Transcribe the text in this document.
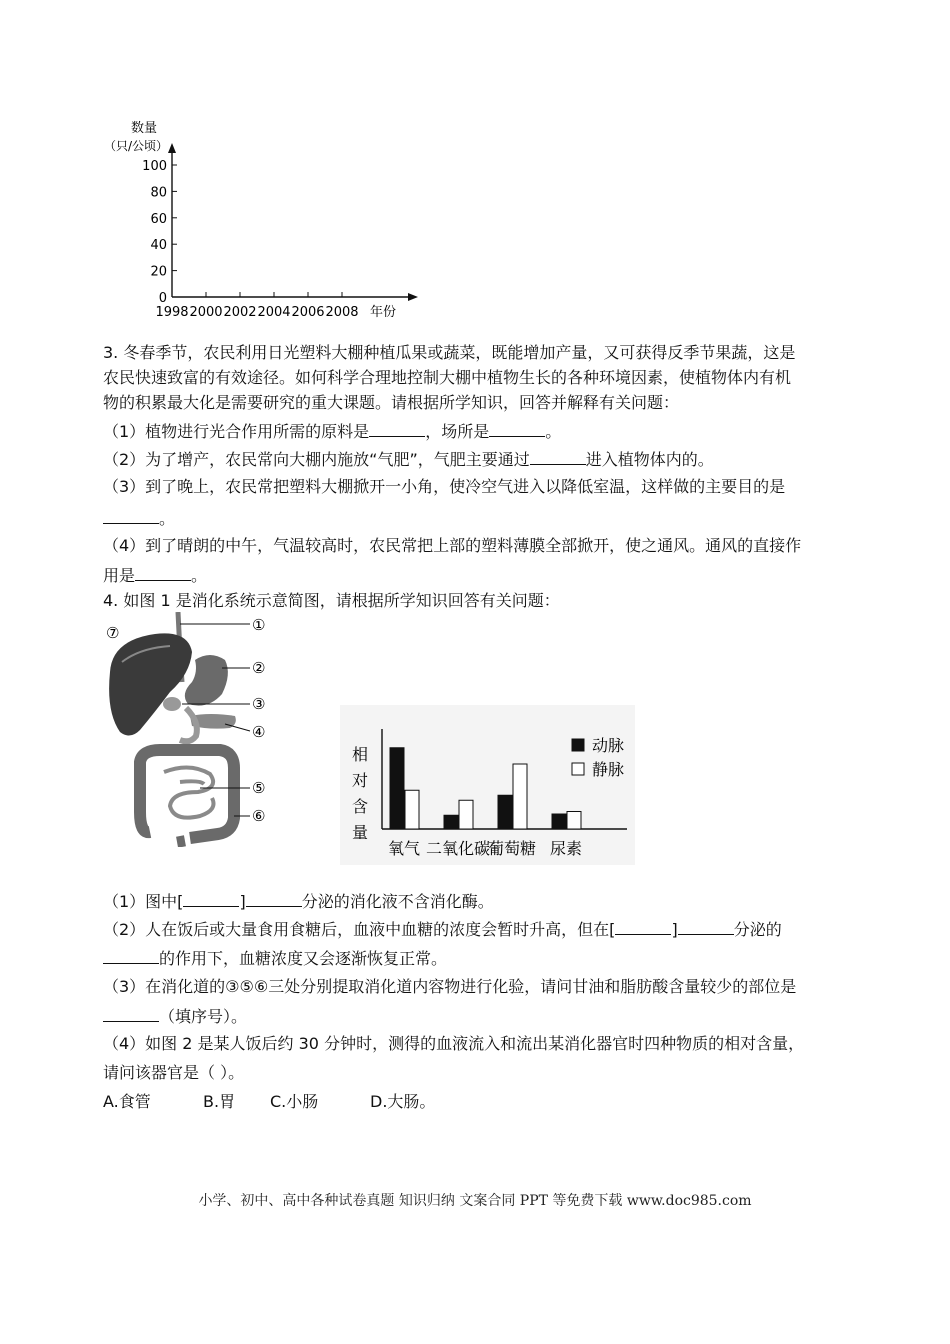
数量
（只/公顷）
0
20
40
60
80
100
1998 2000 2002 2004 2006 2008 年份
3. 冬春季节，农民利用日光塑料大棚种植瓜果或蔬菜，既能增加产量，又可获得反季节果蔬，这是
农民快速致富的有效途径。如何科学合理地控制大棚中植物生长的各种环境因素，使植物体内有机
物的积累最大化是需要研究的重大课题。请根据所学知识，回答并解释有关问题：
（1）植物进行光合作用所需的原料是	，场所是	。
（2）为了增产，农民常向大棚内施放“气肥”，气肥主要通过	进入植物体内的。
（3）到了晚上，农民常把塑料大棚掀开一小角，使冷空气进入以降低室温，这样做的主要目的是
。
（4）到了晴朗的中午，气温较高时，农民常把上部的塑料薄膜全部掀开，使之通风。通风的直接作
用是	。
4. 如图 1 是消化系统示意简图，请根据所学知识回答有关问题：
①
②
③
④
⑤
⑥
⑦
相
对
含
量
氧气 二氧化碳
葡萄糖 尿素
动脉
静脉
（1）图中[	]	分泌的消化液不含消化酶。
（2）人在饭后或大量食用食糖后，血液中血糖的浓度会暂时升高，但在[	]	分泌的
的作用下，血糖浓度又会逐渐恢复正常。
（3）在消化道的③⑤⑥三处分别提取消化道内容物进行化验，请问甘油和脂肪酸含量较少的部位是
（填序号）。
（4）如图 2 是某人饭后约 30 分钟时，测得的血液流入和流出某消化器官时四种物质的相对含量，
请问该器官是（ ）。
A.食管	B.胃 C.小肠	D.大肠。
小学、初中、高中各种试卷真题 知识归纳 文案合同 PPT 等免费下载 www.doc985.com
